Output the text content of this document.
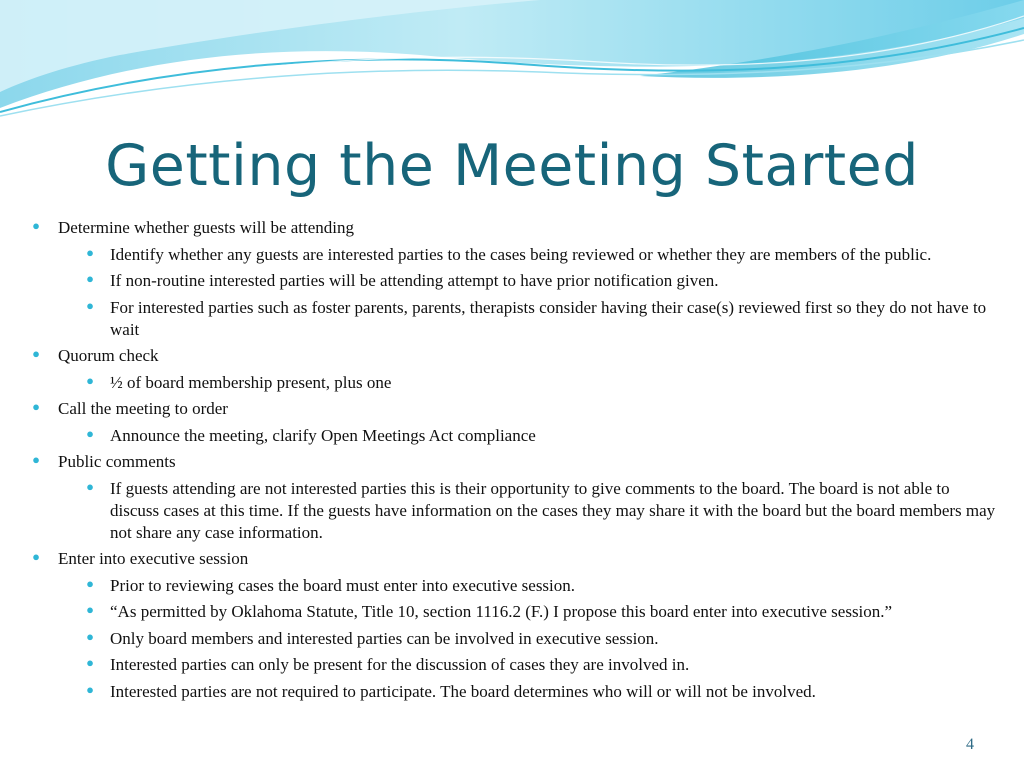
Getting the Meeting Started
●	Determine whether guests will be attending
● Identify whether any guests are interested parties to the cases being reviewed or whether they are members of the public.
● If non-routine interested parties will be attending attempt to have prior notification given.
● For interested parties such as foster parents, parents, therapists consider having their case(s) reviewed first so they do not have to wait
●	Quorum check
● ½ of board membership present, plus one
●	Call the meeting to order
● Announce the meeting, clarify Open Meetings Act compliance
●	Public comments
● If guests attending are not interested parties this is their opportunity to give comments to the board. The board is not able to discuss cases at this time. If the guests have information on the cases they may share it with the board but the board members may not share any case information.
●	Enter into executive session
● Prior to reviewing cases the board must enter into executive session.
● “As permitted by Oklahoma Statute, Title 10, section 1116.2 (F.) I propose this board enter into executive session.”
● Only board members and interested parties can be involved in executive session.
● Interested parties can only be present for the discussion of cases they are involved in.
● Interested parties are not required to participate. The board determines who will or will not be involved.
4
